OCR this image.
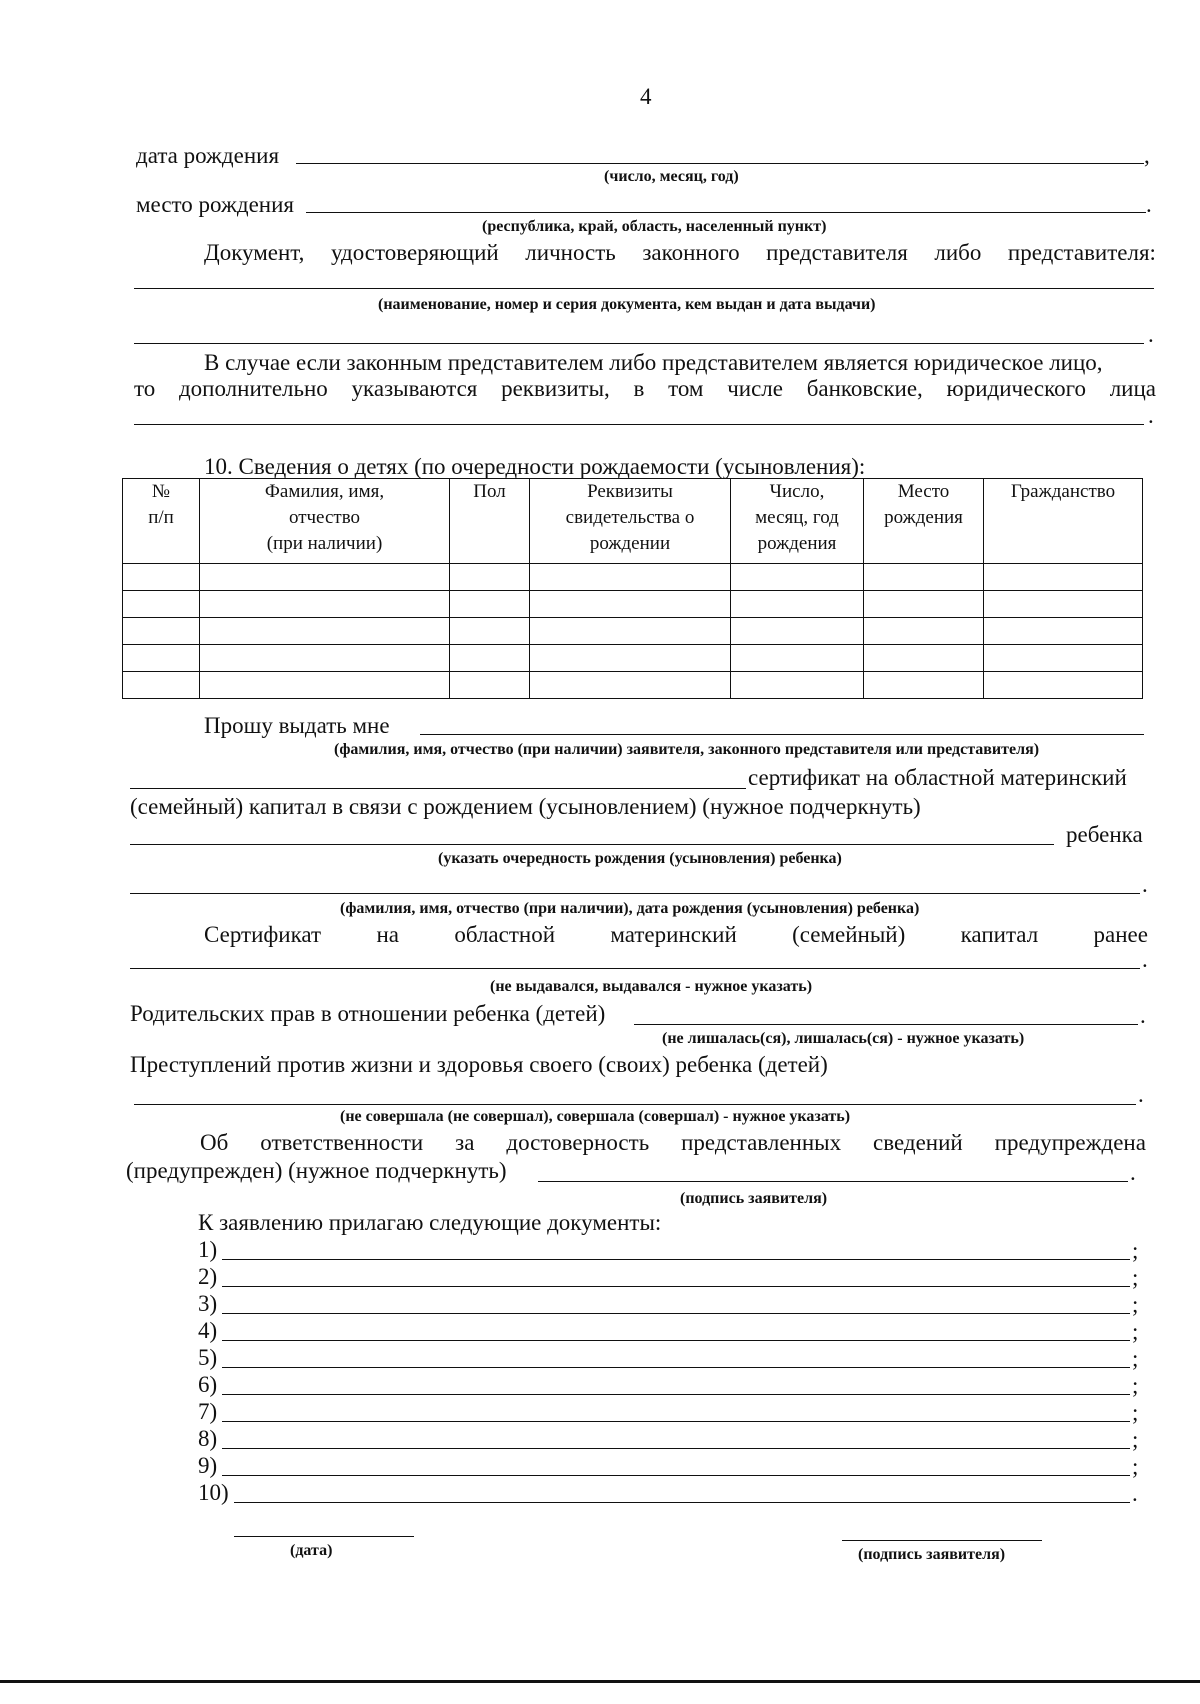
4
дата рождения	,
(число, месяц, год)
место рождения	.
(республика, край, область, населенный пункт)
Документ, удостоверяющий личность законного представителя либо представителя:
(наименование, номер и серия документа, кем выдан и дата выдачи)
.
В случае если законным представителем либо представителем является юридическое лицо,
то дополнительно указываются реквизиты, в том числе банковские, юридического лица
.
10. Сведения о детях (по очередности рождаемости (усыновления):
№
п/п	Фамилия, имя,
отчество
(при наличии)	Пол	Реквизиты
свидетельства о
рождении	Число,
месяц, год
рождения	Место
рождения	Гражданство

Прошу выдать мне
(фамилия, имя, отчество (при наличии) заявителя, законного представителя или представителя)
сертификат на областной материнский
(семейный) капитал в связи с рождением (усыновлением) (нужное подчеркнуть)
ребенка
(указать очередность рождения (усыновления) ребенка)
.
(фамилия, имя, отчество (при наличии), дата рождения (усыновления) ребенка)
Сертификат на областной материнский (семейный) капитал ранее
.
(не выдавался, выдавался - нужное указать)
Родительских прав в отношении ребенка (детей)	.
(не лишалась(ся), лишалась(ся) - нужное указать)
Преступлений против жизни и здоровья своего (своих) ребенка (детей)
.
(не совершала (не совершал), совершала (совершал) - нужное указать)
Об ответственности за достоверность представленных сведений предупреждена
(предупрежден) (нужное подчеркнуть)	.
(подпись заявителя)
К заявлению прилагаю следующие документы:
1)	;
2)	;
3)	;
4)	;
5)	;
6)	;
7)	;
8)	;
9)	;
10)	.
(дата)	(подпись заявителя)
